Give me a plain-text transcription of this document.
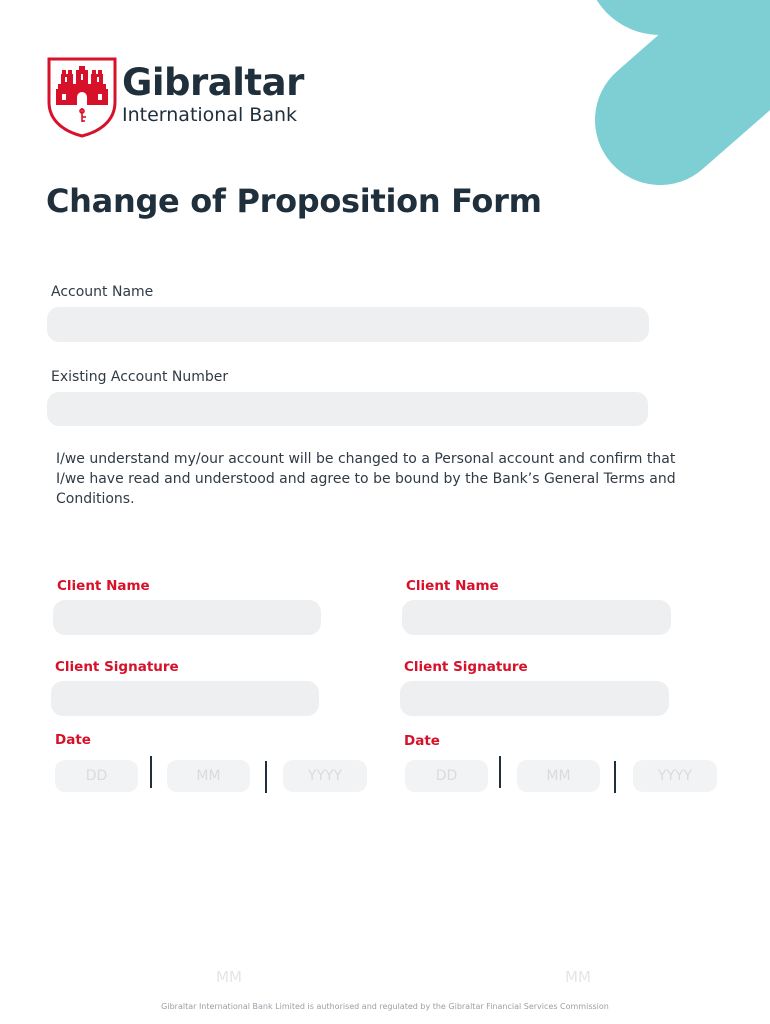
Gibraltar
International Bank
Change of Proposition Form
Account Name
Existing Account Number
I/we understand my/our account will be changed to a Personal account and confirm that I/we have read and understood and agree to be bound by the Bank’s General Terms and Conditions.
Client Name
Client Signature
Date
DD	MM	YYYY
Client Name
Client Signature
Date
DD	MM	YYYY
MM	MM
Gibraltar International Bank Limited is authorised and regulated by the Gibraltar Financial Services Commission
